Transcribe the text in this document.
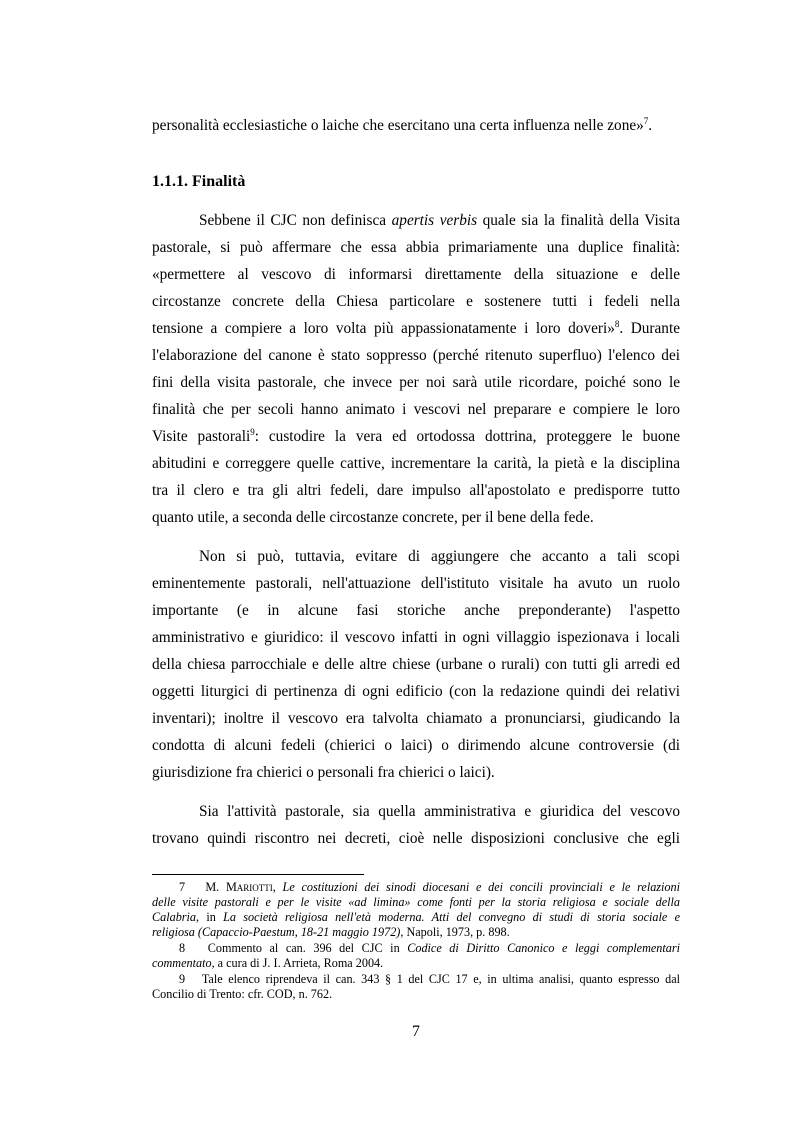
personalità ecclesiastiche o laiche che esercitano una certa influenza nelle zone»$^7$.
1.1.1. Finalità
Sebbene il CJC non definisca apertis verbis quale sia la finalità della Visita
pastorale, si può affermare che essa abbia primariamente una duplice finalità:
«permettere al vescovo di informarsi direttamente della situazione e delle
circostanze concrete della Chiesa particolare e sostenere tutti i fedeli nella
tensione a compiere a loro volta più appassionatamente i loro doveri»$^8$. Durante
l'elaborazione del canone è stato soppresso (perché ritenuto superfluo) l'elenco dei
fini della visita pastorale, che invece per noi sarà utile ricordare, poiché sono le
finalità che per secoli hanno animato i vescovi nel preparare e compiere le loro
Visite pastorali$^9$: custodire la vera ed ortodossa dottrina, proteggere le buone
abitudini e correggere quelle cattive, incrementare la carità, la pietà e la disciplina
tra il clero e tra gli altri fedeli, dare impulso all'apostolato e predisporre tutto
quanto utile, a seconda delle circostanze concrete, per il bene della fede.
Non si può, tuttavia, evitare di aggiungere che accanto a tali scopi
eminentemente pastorali, nell'attuazione dell'istituto visitale ha avuto un ruolo
importante (e in alcune fasi storiche anche preponderante) l'aspetto
amministrativo e giuridico: il vescovo infatti in ogni villaggio ispezionava i locali
della chiesa parrocchiale e delle altre chiese (urbane o rurali) con tutti gli arredi ed
oggetti liturgici di pertinenza di ogni edificio (con la redazione quindi dei relativi
inventari); inoltre il vescovo era talvolta chiamato a pronunciarsi, giudicando la
condotta di alcuni fedeli (chierici o laici) o dirimendo alcune controversie (di
giurisdizione fra chierici o personali fra chierici o laici).
Sia l'attività pastorale, sia quella amministrativa e giuridica del vescovo
trovano quindi riscontro nei decreti, cioè nelle disposizioni conclusive che egli
7 M. Mariotti, Le costituzioni dei sinodi diocesani e dei concili provinciali e le relazioni
delle visite pastorali e per le visite «ad limina» come fonti per la storia religiosa e sociale della
Calabria, in La società religiosa nell'età moderna. Atti del convegno di studi di storia sociale e
religiosa (Capaccio-Paestum, 18-21 maggio 1972), Napoli, 1973, p. 898.
8 Commento al can. 396 del CJC in Codice di Diritto Canonico e leggi complementari
commentato, a cura di J. I. Arrieta, Roma 2004.
9 Tale elenco riprendeva il can. 343 § 1 del CJC 17 e, in ultima analisi, quanto espresso dal
Concilio di Trento: cfr. COD, n. 762.
7
